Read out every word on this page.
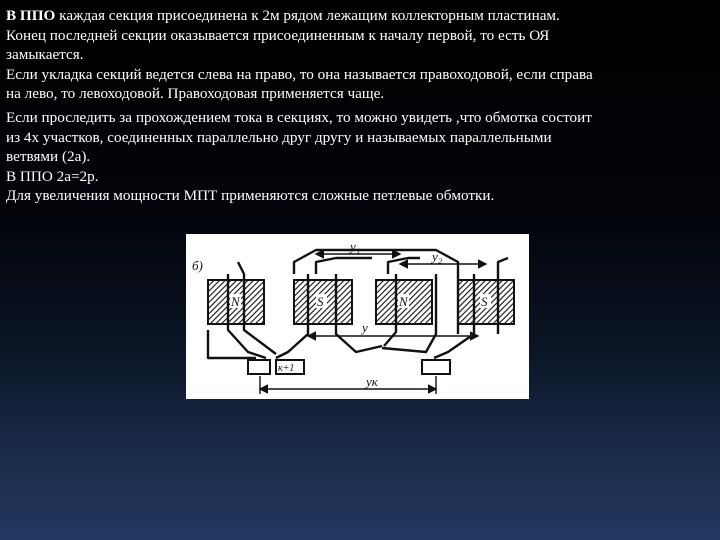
В ППО каждая секция присоединена к 2м рядом лежащим коллекторным пластинам.
Конец последней секции оказывается присоединенным к началу первой, то есть ОЯ
замыкается.
Если укладка секций ведется слева на право, то она называется правоходовой, если справа
на лево, то левоходовой. Правоходовая применяется чаще.

Если проследить за прохождением тока в секциях, то можно увидеть ,что обмотка состоит
из 4х участков, соединенных параллельно друг другу и называемых параллельными
ветвями (2а).
В ППО 2а=2р.
Для увеличения мощности МПТ применяются сложные петлевые обмотки.

N	S	N	S
б)
y₁
y₂
y
yк
к+1
